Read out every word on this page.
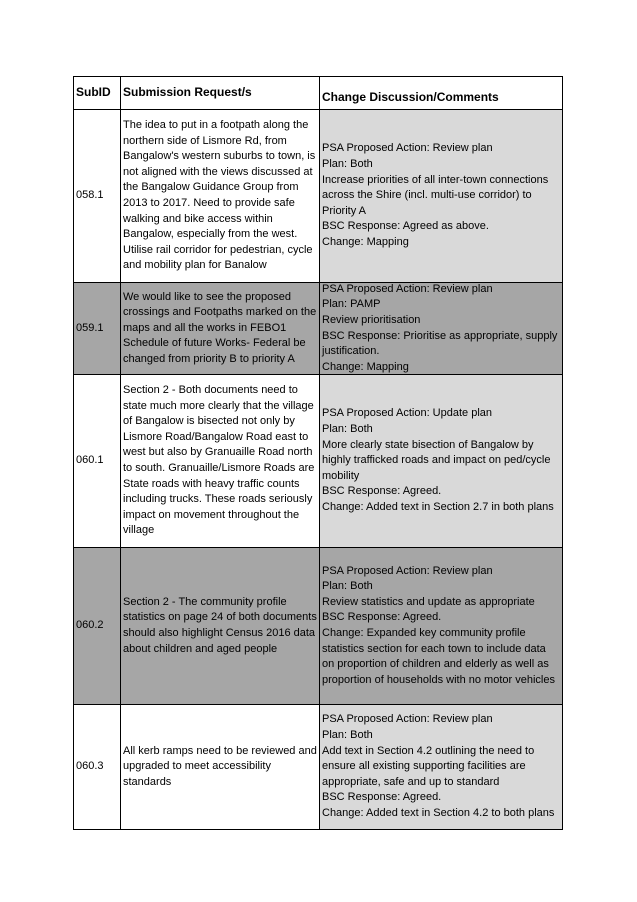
SubID	Submission Request/s	Change Discussion/Comments
058.1
The idea to put in a footpath along the northern side of Lismore Rd, from Bangalow's western suburbs to town, is not aligned with the views discussed at the Bangalow Guidance Group from 2013 to 2017. Need to provide safe walking and bike access within Bangalow, especially from the west. Utilise rail corridor for pedestrian, cycle and mobility plan for Banalow
PSA Proposed Action: Review plan
Plan: Both
Increase priorities of all inter-town connections across the Shire (incl. multi-use corridor) to Priority A
BSC Response: Agreed as above.
Change: Mapping
059.1
We would like to see the proposed crossings and Footpaths marked on the maps and all the works in FEBO1 Schedule of future Works- Federal be changed from priority B to priority A
PSA Proposed Action: Review plan
Plan: PAMP
Review prioritisation
BSC Response: Prioritise as appropriate, supply justification.
Change: Mapping
060.1
Section 2 - Both documents need to state much more clearly that the village of Bangalow is bisected not only by Lismore Road/Bangalow Road east to west but also by Granuaille Road north to south. Granuaille/Lismore Roads are State roads with heavy traffic counts including trucks. These roads seriously impact on movement throughout the village
PSA Proposed Action: Update plan
Plan: Both
More clearly state bisection of Bangalow by highly trafficked roads and impact on ped/cycle mobility
BSC Response: Agreed.
Change: Added text in Section 2.7 in both plans
060.2
Section 2 - The community profile statistics on page 24 of both documents should also highlight Census 2016 data about children and aged people
PSA Proposed Action: Review plan
Plan: Both
Review statistics and update as appropriate
BSC Response: Agreed.
Change: Expanded key community profile statistics section for each town to include data on proportion of children and elderly as well as proportion of households with no motor vehicles
060.3
All kerb ramps need to be reviewed and upgraded to meet accessibility standards
PSA Proposed Action: Review plan
Plan: Both
Add text in Section 4.2 outlining the need to ensure all existing supporting facilities are appropriate, safe and up to standard
BSC Response: Agreed.
Change: Added text in Section 4.2 to both plans
